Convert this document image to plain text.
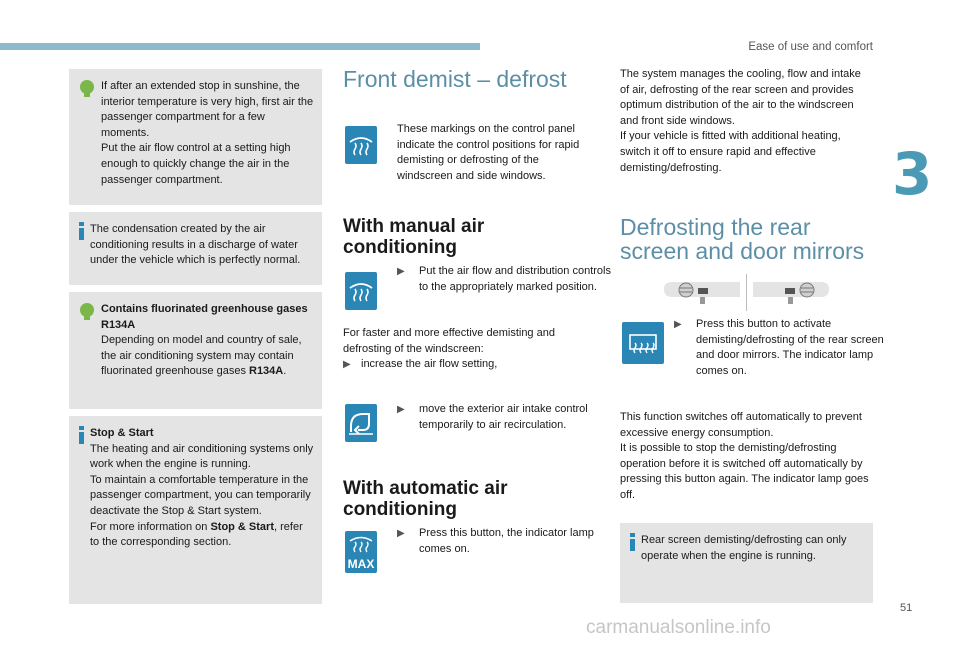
Ease of use and comfort
3
51
carmanualsonline.info

If after an extended stop in sunshine, the interior temperature is very high, first air the passenger compartment for a few moments.

Put the air flow control at a setting high enough to quickly change the air in the passenger compartment.

The condensation created by the air conditioning results in a discharge of water under the vehicle which is perfectly normal.

Contains fluorinated greenhouse gases R134A

Depending on model and country of sale, the air conditioning system may contain fluorinated greenhouse gases R134A.

Stop & Start

The heating and air conditioning systems only work when the engine is running.

To maintain a comfortable temperature in the passenger compartment, you can temporarily deactivate the Stop & Start system.

For more information on Stop & Start, refer to the corresponding section.

Front demist – defrost

These markings on the control panel indicate the control positions for rapid demisting or defrosting of the windscreen and side windows.

With manual air conditioning
▶ Put the air flow and distribution controls to the appropriately marked position.

For faster and more effective demisting and defrosting of the windscreen:

▶ increase the air flow setting,
▶ move the exterior air intake control temporarily to air recirculation.
With automatic air conditioning
MAX
▶ Press this button, the indicator lamp comes on.

The system manages the cooling, flow and intake of air, defrosting of the rear screen and provides optimum distribution of the air to the windscreen and front side windows.

If your vehicle is fitted with additional heating, switch it off to ensure rapid and effective demisting/defrosting.

Defrosting the rear screen and door mirrors
▶ Press this button to activate demisting/defrosting of the rear screen and door mirrors. The indicator lamp comes on.

This function switches off automatically to prevent excessive energy consumption.

It is possible to stop the demisting/defrosting operation before it is switched off automatically by pressing this button again. The indicator lamp goes off.

Rear screen demisting/defrosting can only operate when the engine is running.
